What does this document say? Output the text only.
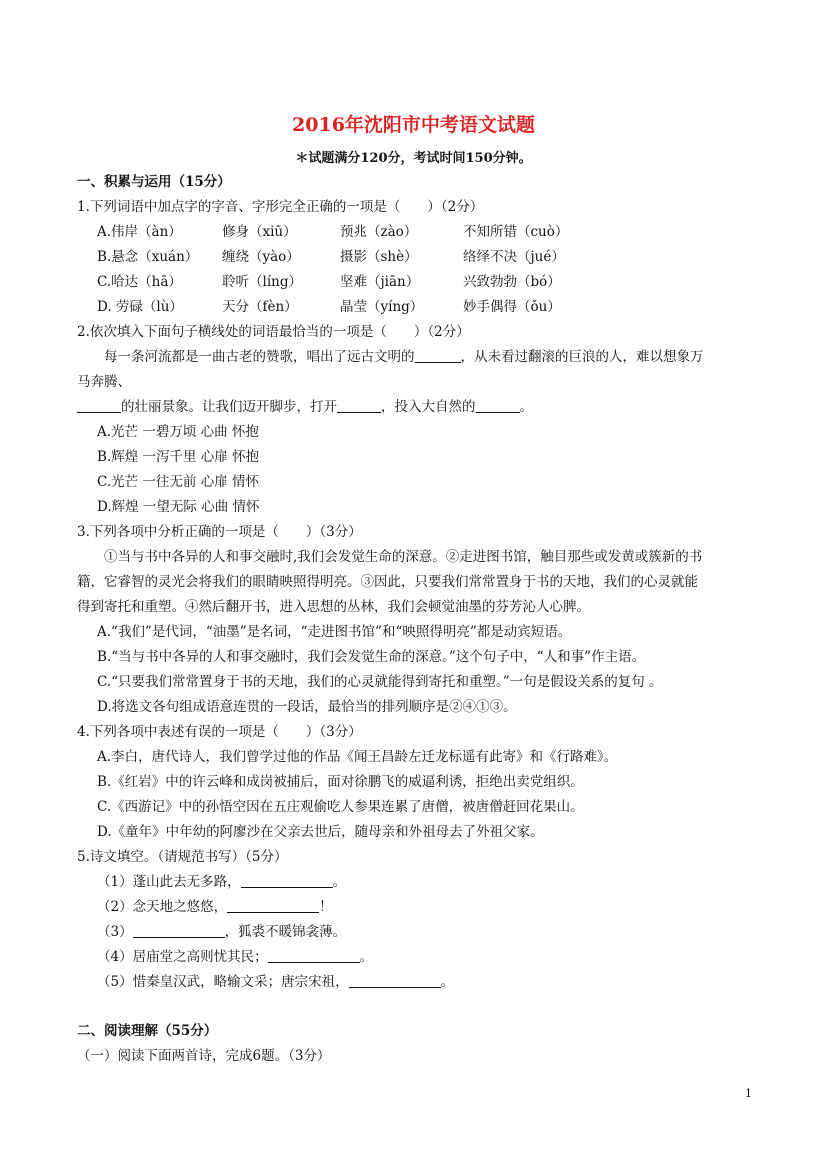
2016年沈阳市中考语文试题
＊试题满分120分，考试时间150分钟。
一、积累与运用（15分）
1.下列词语中加点字的字音、字形完全正确的一项是（　　）（2分）
A.伟岸（àn）	修身（xiū）	预兆（zào）	不知所错（cuò）
B.悬念（xuán） 缠绕（yào）	摄影（shè）	络绎不决（jué）
C.哈达（hā）	聆听（líng）	坚难（jiān）	兴致勃勃（bó）
D. 劳碌（lù）	天分（fèn）	晶莹（yíng）	妙手偶得（ǒu）
2.依次填入下面句子横线处的词语最恰当的一项是（　　）（2分）
每一条河流都是一曲古老的赞歌，唱出了远古文明的	，从未看过翻滚的巨浪的人，难以想象万
马奔腾、
的壮丽景象。让我们迈开脚步，打开	，投入大自然的	。
A.光芒 一碧万顷 心曲 怀抱
B.辉煌 一泻千里 心扉 怀抱
C.光芒 一往无前 心扉 情怀
D.辉煌 一望无际 心曲 情怀
3.下列各项中分析正确的一项是（　　）（3分）
①当与书中各异的人和事交融时,我们会发觉生命的深意。②走进图书馆，触目那些或发黄或簇新的书
籍，它睿智的灵光会将我们的眼睛映照得明亮。③因此，只要我们常常置身于书的天地，我们的心灵就能
得到寄托和重塑。④然后翻开书，进入思想的丛林，我们会顿觉油墨的芬芳沁人心脾。
A.“我们”是代词，“油墨”是名词，“走进图书馆”和“映照得明亮”都是动宾短语。
B.“当与书中各异的人和事交融时，我们会发觉生命的深意。”这个句子中，“人和事”作主语。
C.“只要我们常常置身于书的天地，我们的心灵就能得到寄托和重塑。”一句是假设关系的复句 。
D.将选文各句组成语意连贯的一段话，最恰当的排列顺序是②④①③。
4.下列各项中表述有误的一项是（　　）（3分）
A.李白，唐代诗人，我们曾学过他的作品《闻王昌龄左迁龙标遥有此寄》和《行路难》。
B.《红岩》中的许云峰和成岗被捕后，面对徐鹏飞的威逼利诱，拒绝出卖党组织。
C.《西游记》中的孙悟空因在五庄观偷吃人参果连累了唐僧，被唐僧赶回花果山。
D.《童年》中年幼的阿廖沙在父亲去世后，随母亲和外祖母去了外祖父家。
5.诗文填空。（请规范书写）（5分）
（1）蓬山此去无多路，	。
（2）念天地之悠悠，	！
（3）	，狐裘不暖锦衾薄。
（4）居庙堂之高则忧其民；	。
（5）惜秦皇汉武，略输文采；唐宗宋祖，	。
二、阅读理解（55分）
（一）阅读下面两首诗，完成6题。（3分）
1
